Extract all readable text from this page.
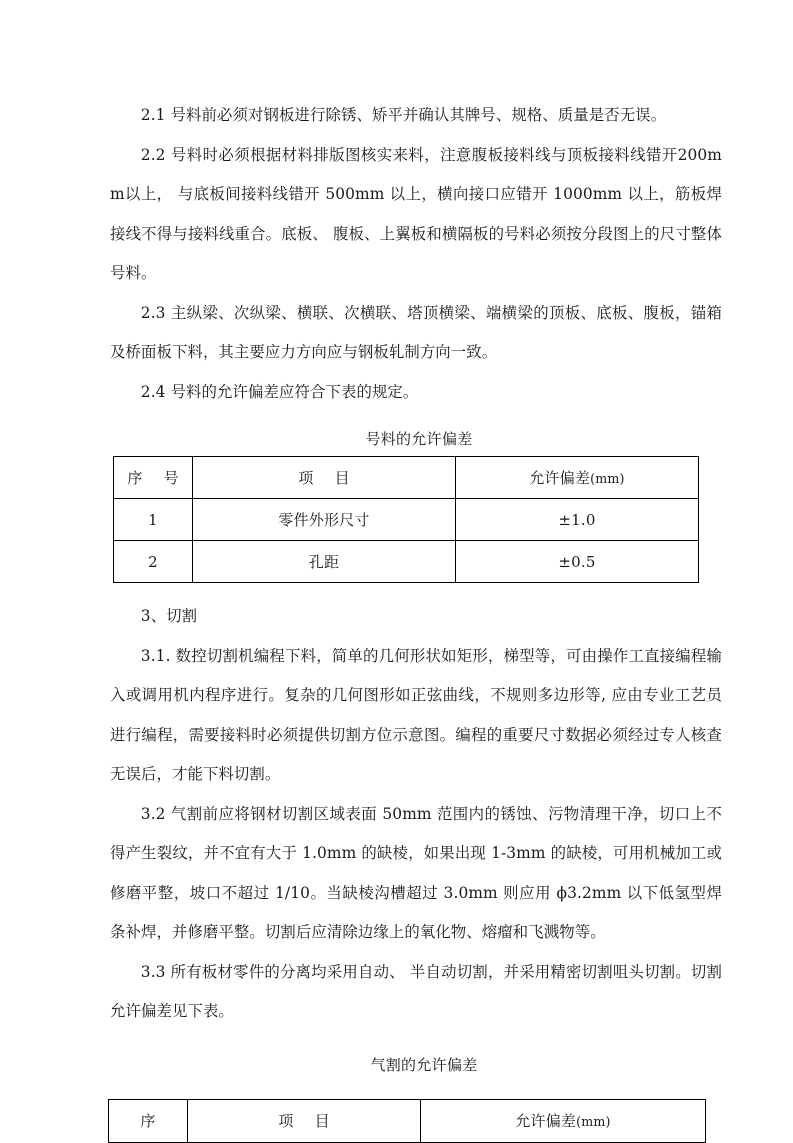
2.1 号料前必须对钢板进行除锈、矫平并确认其牌号、规格、质量是否无误。

2.2 号料时必须根据材料排版图核实来料，注意腹板接料线与顶板接料线错开200mm以上， 与底板间接料线错开 500mm 以上，横向接口应错开 1000mm 以上，筋板焊接线不得与接料线重合。底板、 腹板、上翼板和横隔板的号料必须按分段图上的尺寸整体号料。

2.3 主纵梁、次纵梁、横联、次横联、塔顶横梁、端横梁的顶板、底板、腹板，锚箱及桥面板下料，其主要应力方向应与钢板轧制方向一致。

2.4 号料的允许偏差应符合下表的规定。

号料的允许偏差
序 号	项 目	允许偏差(mm)
1	零件外形尺寸	±1.0
2	孔距	±0.5

3、切割

3.1. 数控切割机编程下料，简单的几何形状如矩形，梯型等，可由操作工直接编程输入或调用机内程序进行。复杂的几何图形如正弦曲线，不规则多边形等, 应由专业工艺员进行编程，需要接料时必须提供切割方位示意图。编程的重要尺寸数据必须经过专人核查无误后，才能下料切割。

3.2 气割前应将钢材切割区域表面 50mm 范围内的锈蚀、污物清理干净，切口上不得产生裂纹，并不宜有大于 1.0mm 的缺棱，如果出现 1-3mm 的缺棱，可用机械加工或修磨平整，坡口不超过 1/10。当缺棱沟槽超过 3.0mm 则应用 ϕ3.2mm 以下低氢型焊条补焊，并修磨平整。切割后应清除边缘上的氧化物、熔瘤和飞溅物等。

3.3 所有板材零件的分离均采用自动、 半自动切割，并采用精密切割咀头切割。切割允许偏差见下表。

气割的允许偏差
序	项 目	允许偏差(mm)
